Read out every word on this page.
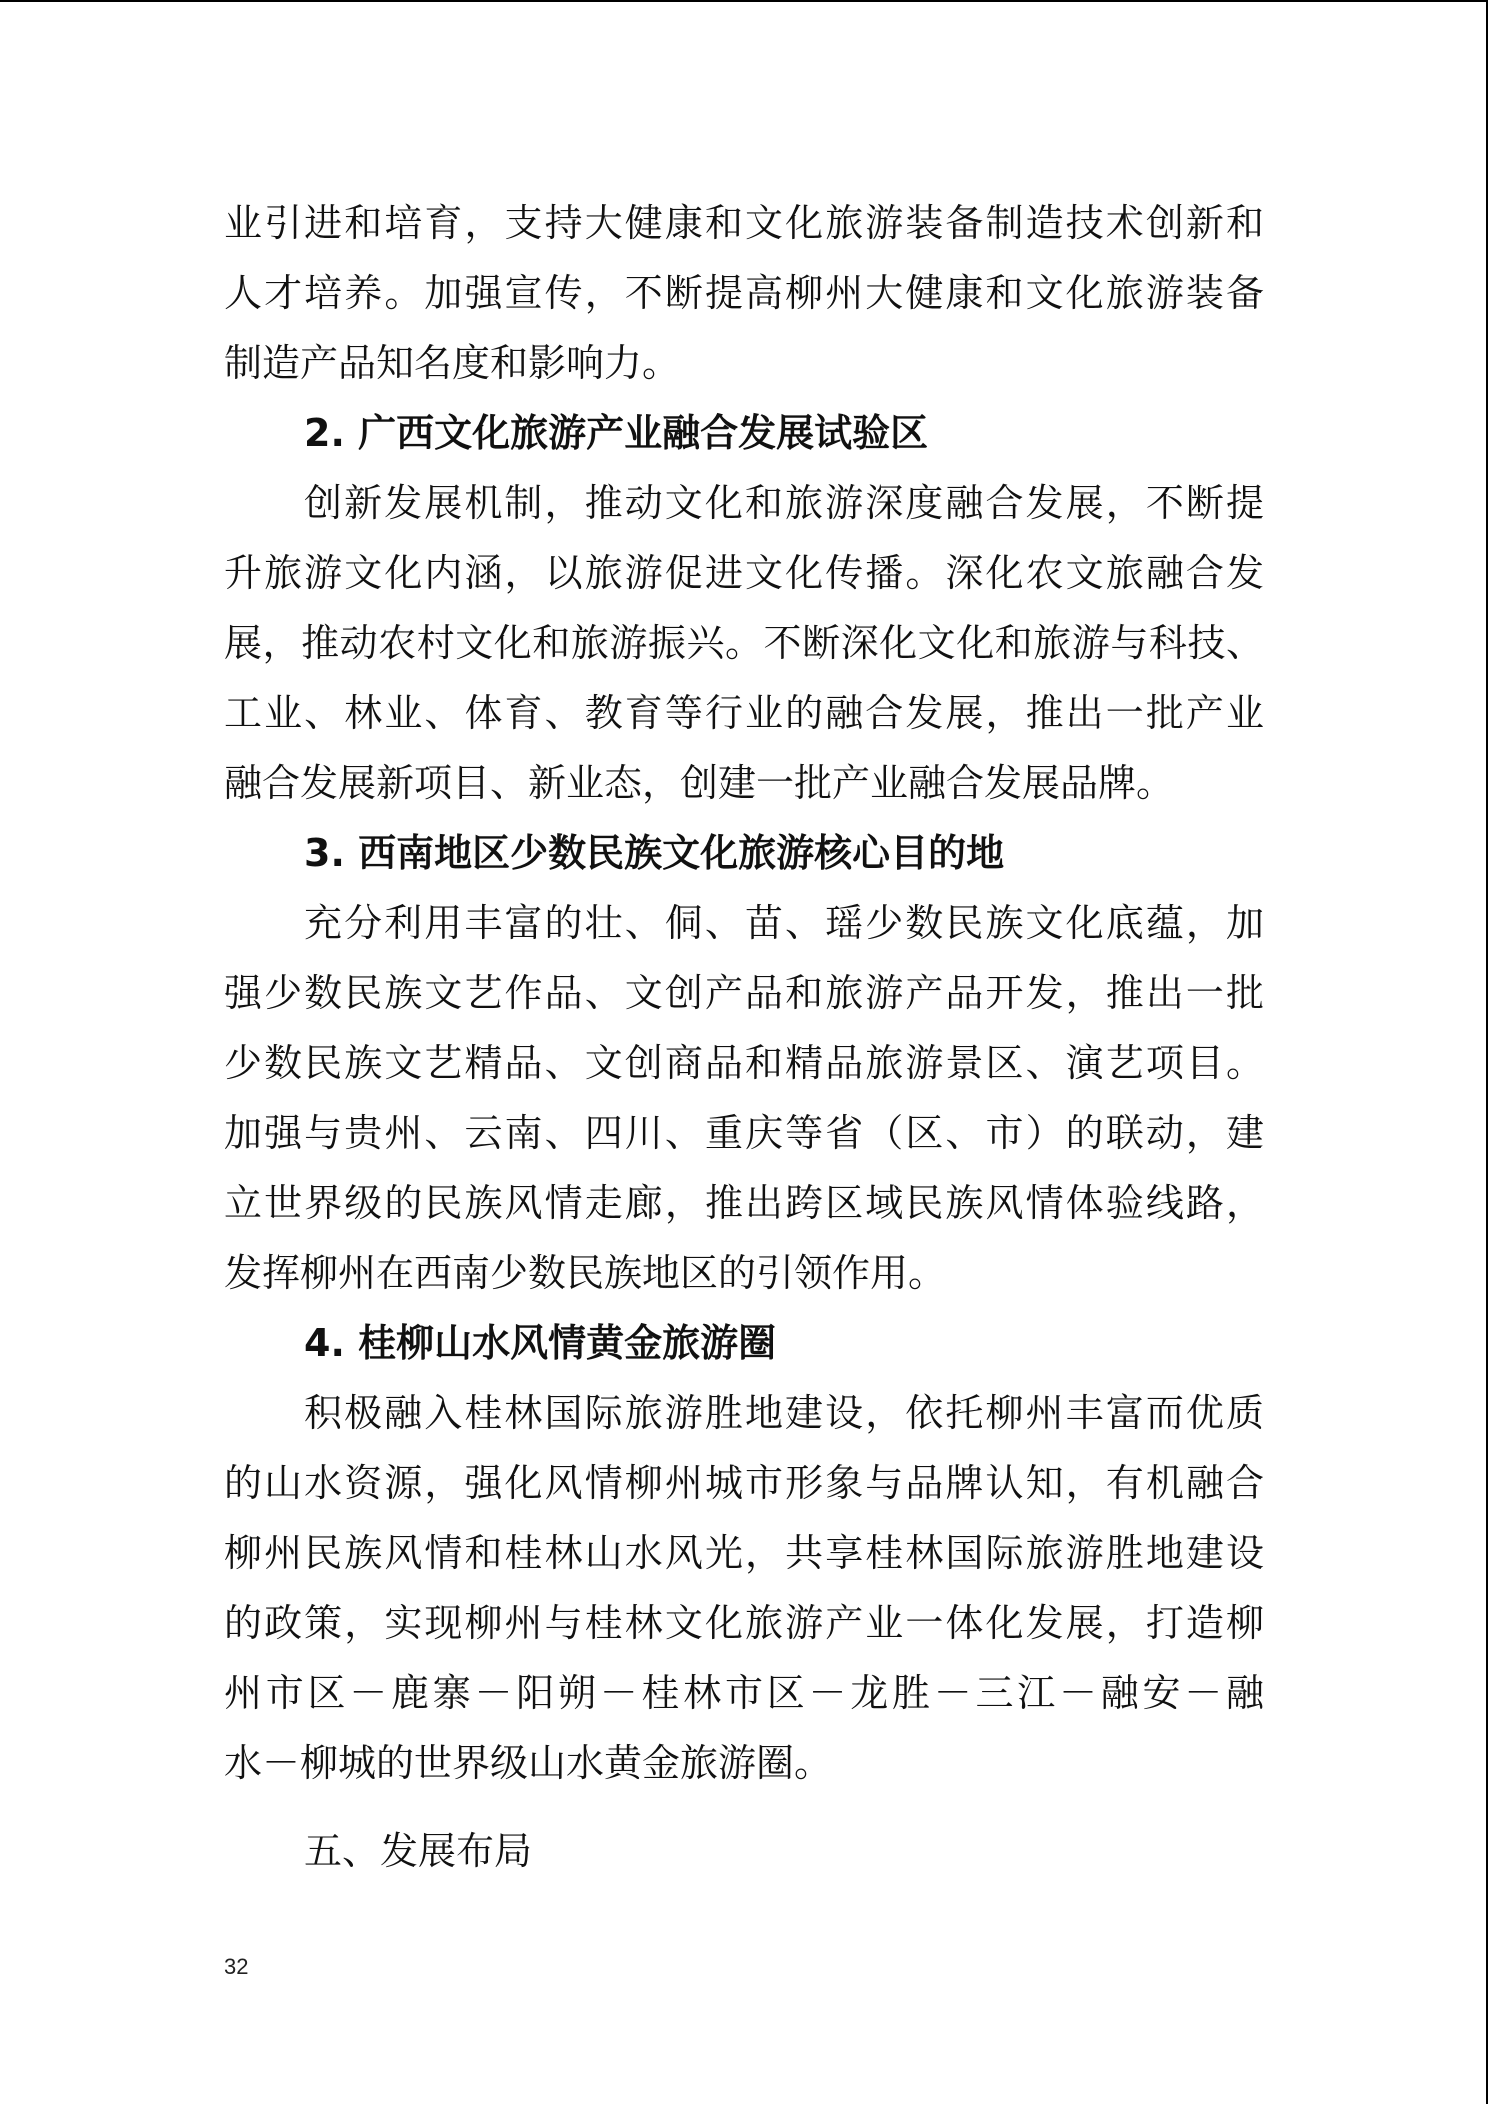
业引进和培育，支持大健康和文化旅游装备制造技术创新和
人才培养。加强宣传，不断提高柳州大健康和文化旅游装备
制造产品知名度和影响力。
2. 广西文化旅游产业融合发展试验区
创新发展机制，推动文化和旅游深度融合发展，不断提
升旅游文化内涵，以旅游促进文化传播。深化农文旅融合发
展，推动农村文化和旅游振兴。不断深化文化和旅游与科技、
工业、林业、体育、教育等行业的融合发展，推出一批产业
融合发展新项目、新业态，创建一批产业融合发展品牌。
3. 西南地区少数民族文化旅游核心目的地
充分利用丰富的壮、侗、苗、瑶少数民族文化底蕴，加
强少数民族文艺作品、文创产品和旅游产品开发，推出一批
少数民族文艺精品、文创商品和精品旅游景区、演艺项目。
加强与贵州、云南、四川、重庆等省（区、市）的联动，建
立世界级的民族风情走廊，推出跨区域民族风情体验线路，
发挥柳州在西南少数民族地区的引领作用。
4. 桂柳山水风情黄金旅游圈
积极融入桂林国际旅游胜地建设，依托柳州丰富而优质
的山水资源，强化风情柳州城市形象与品牌认知，有机融合
柳州民族风情和桂林山水风光，共享桂林国际旅游胜地建设
的政策，实现柳州与桂林文化旅游产业一体化发展，打造柳
州市区－鹿寨－阳朔－桂林市区－龙胜－三江－融安－融
水－柳城的世界级山水黄金旅游圈。
五、发展布局
32
